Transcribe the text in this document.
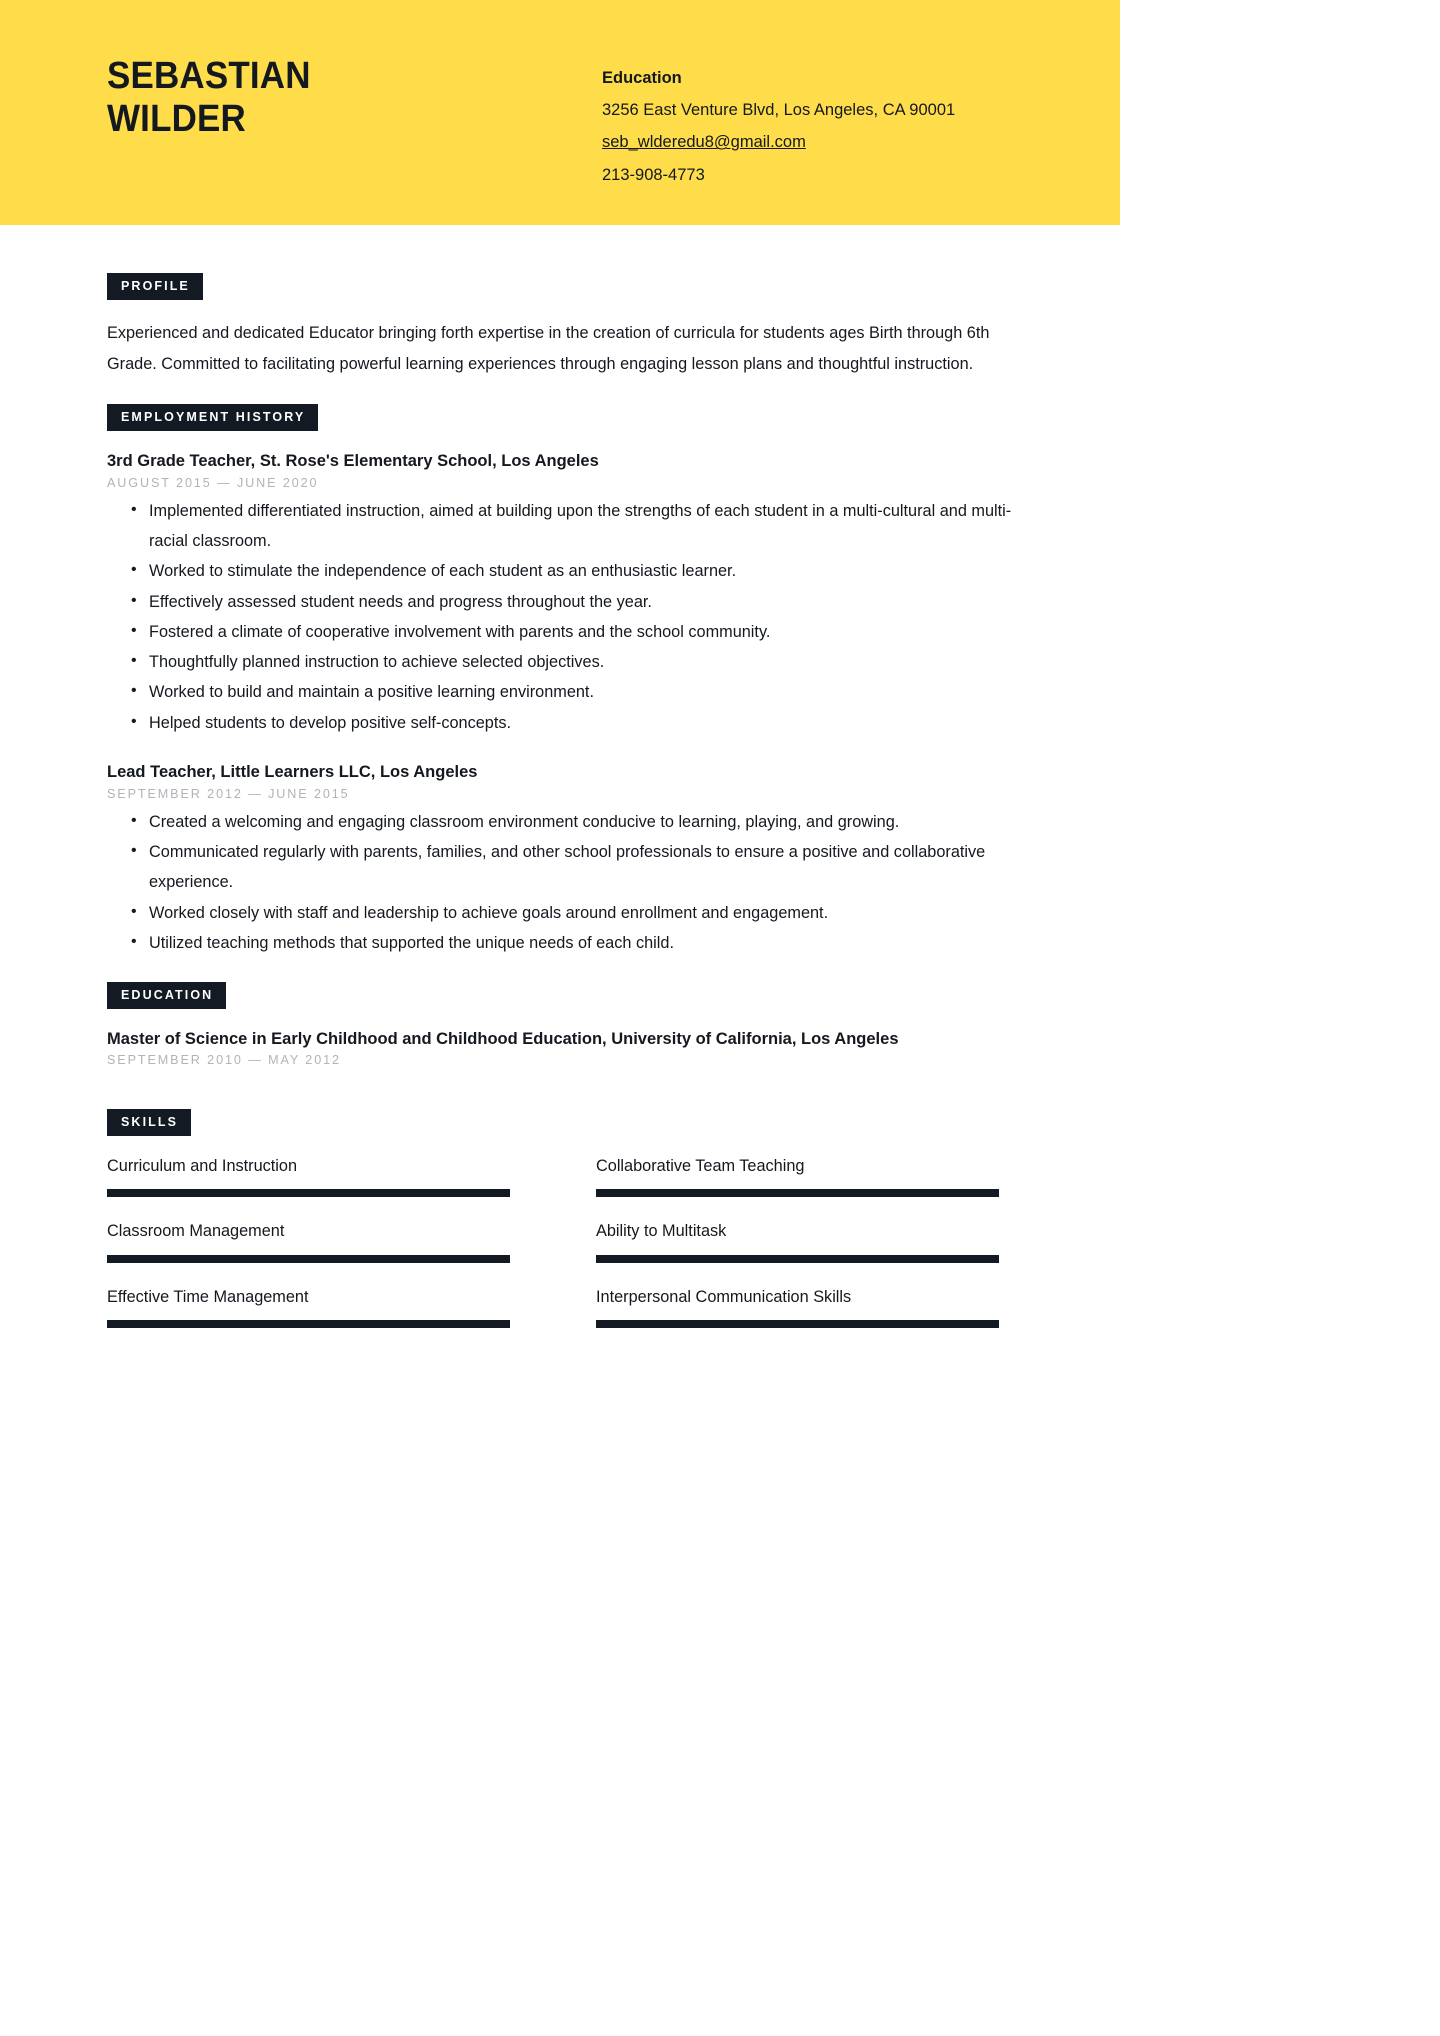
SEBASTIAN
WILDER
Education
3256 East Venture Blvd, Los Angeles, CA 90001
seb_wlderedu8@gmail.com
213-908-4773
PROFILE
Experienced and dedicated Educator bringing forth expertise in the creation of curricula for students ages Birth through 6th Grade. Committed to facilitating powerful learning experiences through engaging lesson plans and thoughtful instruction.
EMPLOYMENT HISTORY
3rd Grade Teacher, St. Rose's Elementary School, Los Angeles
AUGUST 2015 — JUNE 2020
• Implemented differentiated instruction, aimed at building upon the strengths of each student in a multi-cultural and multi-racial classroom.
• Worked to stimulate the independence of each student as an enthusiastic learner.
• Effectively assessed student needs and progress throughout the year.
• Fostered a climate of cooperative involvement with parents and the school community.
• Thoughtfully planned instruction to achieve selected objectives.
• Worked to build and maintain a positive learning environment.
• Helped students to develop positive self-concepts.
Lead Teacher, Little Learners LLC, Los Angeles
SEPTEMBER 2012 — JUNE 2015
• Created a welcoming and engaging classroom environment conducive to learning, playing, and growing.
• Communicated regularly with parents, families, and other school professionals to ensure a positive and collaborative experience.
• Worked closely with staff and leadership to achieve goals around enrollment and engagement.
• Utilized teaching methods that supported the unique needs of each child.
EDUCATION
Master of Science in Early Childhood and Childhood Education, University of California, Los Angeles
SEPTEMBER 2010 — MAY 2012
SKILLS
Curriculum and Instruction
Classroom Management
Effective Time Management
Collaborative Team Teaching
Ability to Multitask
Interpersonal Communication Skills
